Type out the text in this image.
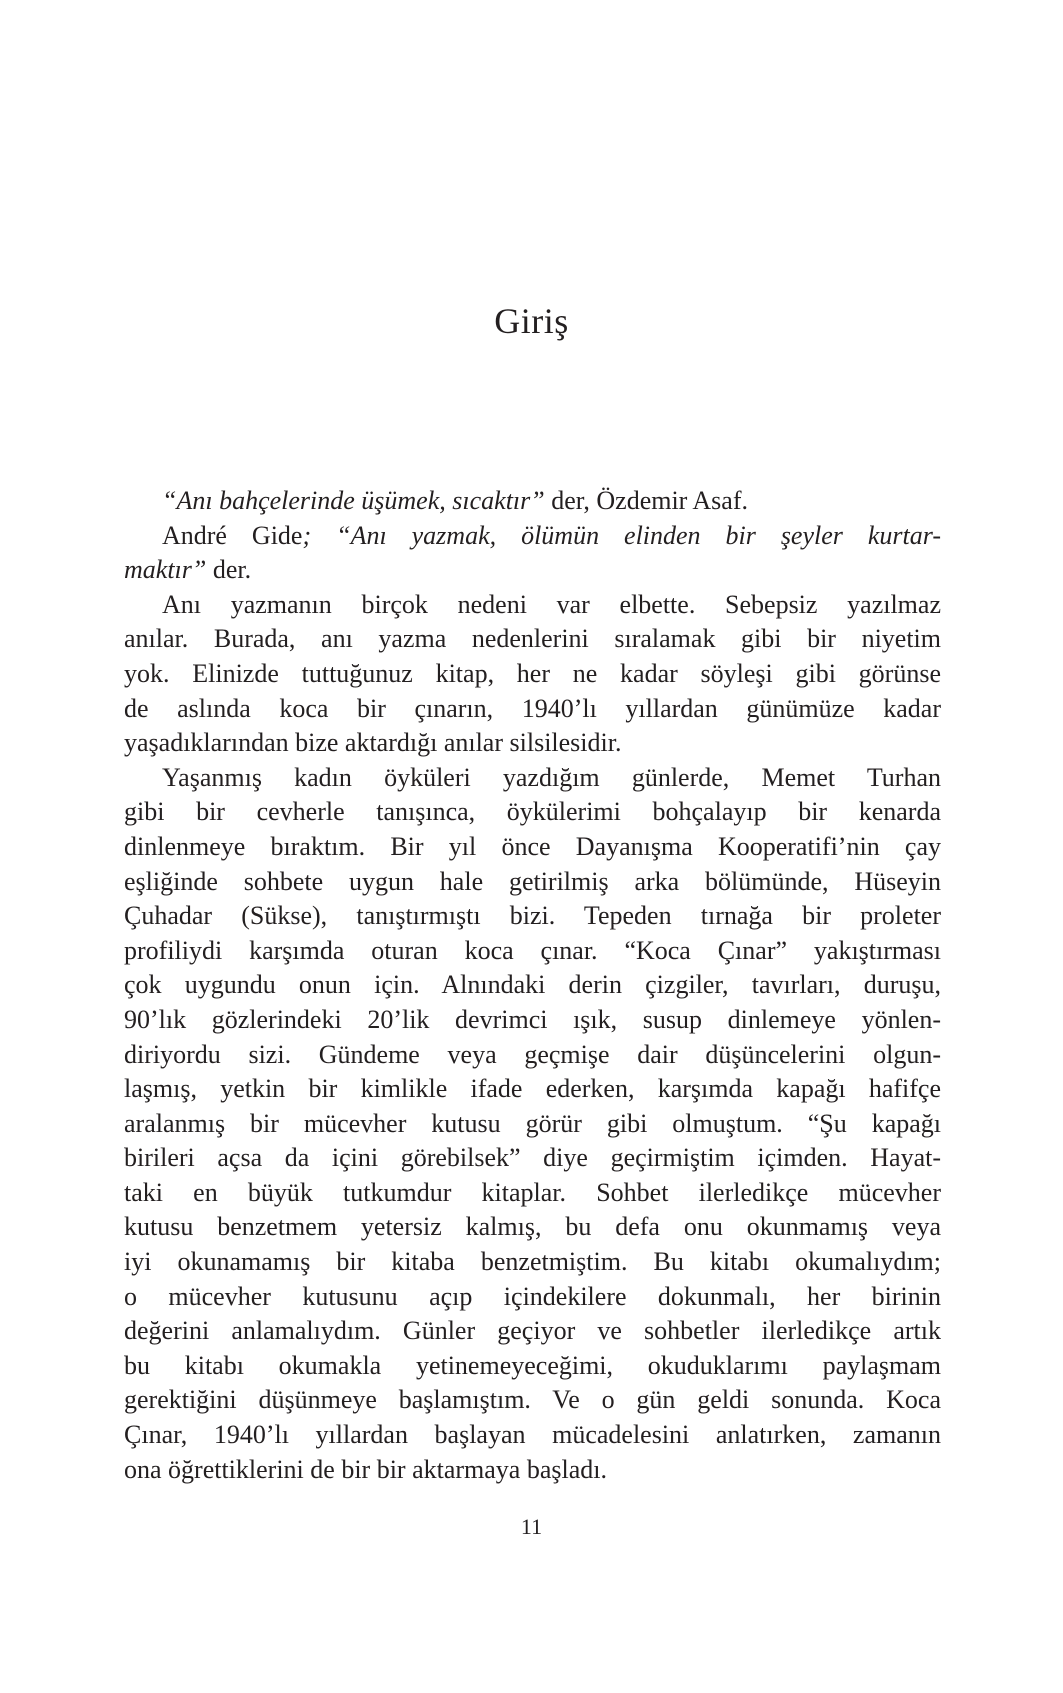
Giriş
“Anı bahçelerinde üşümek, sıcaktır” der, Özdemir Asaf.
André Gide; “Anı yazmak, ölümün elinden bir şeyler kurtar-
maktır” der.
Anı yazmanın birçok nedeni var elbette. Sebepsiz yazılmaz
anılar. Burada, anı yazma nedenlerini sıralamak gibi bir niyetim
yok. Elinizde tuttuğunuz kitap, her ne kadar söyleşi gibi görünse
de aslında koca bir çınarın, 1940’lı yıllardan günümüze kadar
yaşadıklarından bize aktardığı anılar silsilesidir.
Yaşanmış kadın öyküleri yazdığım günlerde, Memet Turhan
gibi bir cevherle tanışınca, öykülerimi bohçalayıp bir kenarda
dinlenmeye bıraktım. Bir yıl önce Dayanışma Kooperatifi’nin çay
eşliğinde sohbete uygun hale getirilmiş arka bölümünde, Hüseyin
Çuhadar (Sükse), tanıştırmıştı bizi. Tepeden tırnağa bir proleter
profiliydi karşımda oturan koca çınar. “Koca Çınar” yakıştırması
çok uygundu onun için. Alnındaki derin çizgiler, tavırları, duruşu,
90’lık gözlerindeki 20’lik devrimci ışık, susup dinlemeye yönlen-
diriyordu sizi. Gündeme veya geçmişe dair düşüncelerini olgun-
laşmış, yetkin bir kimlikle ifade ederken, karşımda kapağı hafifçe
aralanmış bir mücevher kutusu görür gibi olmuştum. “Şu kapağı
birileri açsa da içini görebilsek” diye geçirmiştim içimden. Hayat-
taki en büyük tutkumdur kitaplar. Sohbet ilerledikçe mücevher
kutusu benzetmem yetersiz kalmış, bu defa onu okunmamış veya
iyi okunamamış bir kitaba benzetmiştim. Bu kitabı okumalıydım;
o mücevher kutusunu açıp içindekilere dokunmalı, her birinin
değerini anlamalıydım. Günler geçiyor ve sohbetler ilerledikçe artık
bu kitabı okumakla yetinemeyeceğimi, okuduklarımı paylaşmam
gerektiğini düşünmeye başlamıştım. Ve o gün geldi sonunda. Koca
Çınar, 1940’lı yıllardan başlayan mücadelesini anlatırken, zamanın
ona öğrettiklerini de bir bir aktarmaya başladı.

11
